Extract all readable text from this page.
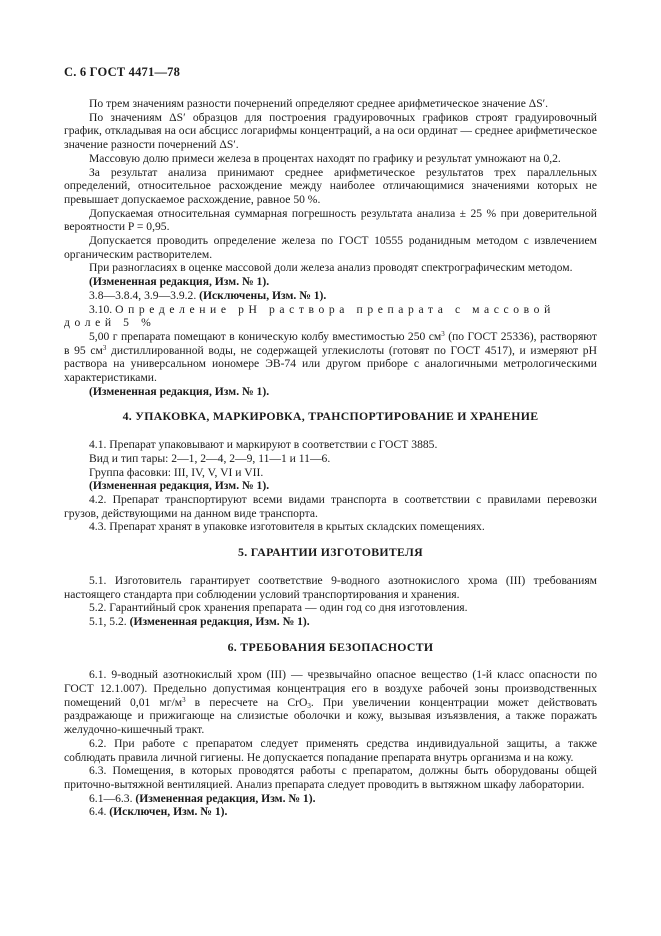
С. 6 ГОСТ 4471—78

По трем значениям разности почернений определяют среднее арифметическое значение ΔS′.

По значениям ΔS′ образцов для построения градуировочных графиков строят градуировочный график, откладывая на оси абсцисс логарифмы концентраций, а на оси ординат — среднее арифметическое значение разности почернений ΔS′.

Массовую долю примеси железа в процентах находят по графику и результат умножают на 0,2.

За результат анализа принимают среднее арифметическое результатов трех параллельных определений, относительное расхождение между наиболее отличающимися значениями которых не превышает допускаемое расхождение, равное 50 %.

Допускаемая относительная суммарная погрешность результата анализа ± 25 % при доверительной вероятности P = 0,95.

Допускается проводить определение железа по ГОСТ 10555 роданидным методом с извлечением органическим растворителем.

При разногласиях в оценке массовой доли железа анализ проводят спектрографическим методом.

(Измененная редакция, Изм. № 1).

3.8—3.8.4, 3.9—3.9.2. (Исключены, Изм. № 1).

3.10. Определение pH раствора препарата с массовой долей 5 %

5,00 г препарата помещают в коническую колбу вместимостью 250 $см^3$ (по ГОСТ 25336), растворяют в 95 $см^3$ дистиллированной воды, не содержащей углекислоты (готовят по ГОСТ 4517), и измеряют pH раствора на универсальном иономере ЭВ-74 или другом приборе с аналогичными метрологическими характеристиками.

(Измененная редакция, Изм. № 1).

4. УПАКОВКА, МАРКИРОВКА, ТРАНСПОРТИРОВАНИЕ И ХРАНЕНИЕ

4.1. Препарат упаковывают и маркируют в соответствии с ГОСТ 3885.

Вид и тип тары: 2—1, 2—4, 2—9, 11—1 и 11—6.

Группа фасовки: III, IV, V, VI и VII.

(Измененная редакция, Изм. № 1).

4.2. Препарат транспортируют всеми видами транспорта в соответствии с правилами перевозки грузов, действующими на данном виде транспорта.

4.3. Препарат хранят в упаковке изготовителя в крытых складских помещениях.

5. ГАРАНТИИ ИЗГОТОВИТЕЛЯ

5.1. Изготовитель гарантирует соответствие 9-водного азотнокислого хрома (III) требованиям настоящего стандарта при соблюдении условий транспортирования и хранения.

5.2. Гарантийный срок хранения препарата — один год со дня изготовления.

5.1, 5.2. (Измененная редакция, Изм. № 1).

6. ТРЕБОВАНИЯ БЕЗОПАСНОСТИ

6.1. 9-водный азотнокислый хром (III) — чрезвычайно опасное вещество (1-й класс опасности по ГОСТ 12.1.007). Предельно допустимая концентрация его в воздухе рабочей зоны производственных помещений 0,01 $мг/м^3$ в пересчете на CrO$_3$. При увеличении концентрации может действовать раздражающе и прижигающе на слизистые оболочки и кожу, вызывая изъязвления, а также поражать желудочно-кишечный тракт.

6.2. При работе с препаратом следует применять средства индивидуальной защиты, а также соблюдать правила личной гигиены. Не допускается попадание препарата внутрь организма и на кожу.

6.3. Помещения, в которых проводятся работы с препаратом, должны быть оборудованы общей приточно-вытяжной вентиляцией. Анализ препарата следует проводить в вытяжном шкафу лаборатории.

6.1—6.3. (Измененная редакция, Изм. № 1).

6.4. (Исключен, Изм. № 1).
